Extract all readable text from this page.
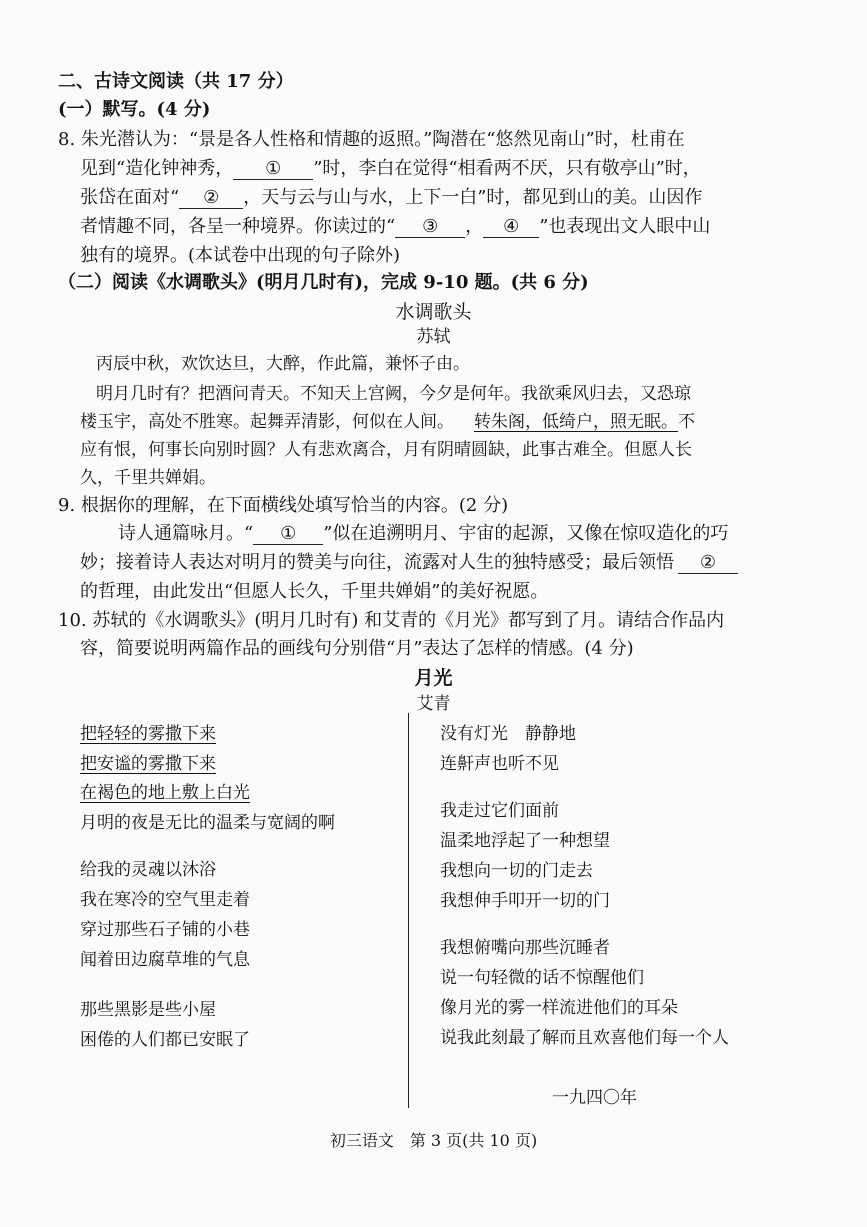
二、古诗文阅读（共 17 分）
(一）默写。(4 分)
8. 朱光潜认为：“景是各人性格和情趣的返照。”陶潜在“悠然见南山”时，杜甫在
见到“造化钟神秀， ① ”时，李白在觉得“相看两不厌，只有敬亭山”时，
张岱在面对“ ② ，天与云与山与水，上下一白”时，都见到山的美。山因作
者情趣不同，各呈一种境界。你读过的“ ③ ， ④ ”也表现出文人眼中山
独有的境界。(本试卷中出现的句子除外)
（二）阅读《水调歌头》(明月几时有)，完成 9-10 题。(共 6 分)
水调歌头
苏轼
丙辰中秋，欢饮达旦，大醉，作此篇，兼怀子由。
明月几时有？把酒问青天。不知天上宫阙，今夕是何年。我欲乘风归去，又恐琼
楼玉宇，高处不胜寒。起舞弄清影，何似在人间。 转朱阁，低绮户，照无眠。不
应有恨，何事长向别时圆？人有悲欢离合，月有阴晴圆缺，此事古难全。但愿人长
久，千里共婵娟。
9. 根据你的理解，在下面横线处填写恰当的内容。(2 分)
诗人通篇咏月。“ ① ”似在追溯明月、宇宙的起源，又像在惊叹造化的巧
妙；接着诗人表达对明月的赞美与向往，流露对人生的独特感受；最后领悟 ②
的哲理，由此发出“但愿人长久，千里共婵娟”的美好祝愿。
10. 苏轼的《水调歌头》(明月几时有) 和艾青的《月光》都写到了月。请结合作品内
容，简要说明两篇作品的画线句分别借“月”表达了怎样的情感。(4 分)
月光
艾青
把轻轻的雾撒下来
把安谧的雾撒下来
在褐色的地上敷上白光
月明的夜是无比的温柔与宽阔的啊
给我的灵魂以沐浴
我在寒冷的空气里走着
穿过那些石子铺的小巷
闻着田边腐草堆的气息
那些黑影是些小屋
困倦的人们都已安眠了
没有灯光　静静地
连鼾声也听不见
我走过它们面前
温柔地浮起了一种想望
我想向一切的门走去
我想伸手叩开一切的门
我想俯嘴向那些沉睡者
说一句轻微的话不惊醒他们
像月光的雾一样流进他们的耳朵
说我此刻最了解而且欢喜他们每一个人
一九四〇年
初三语文　第 3 页(共 10 页)
